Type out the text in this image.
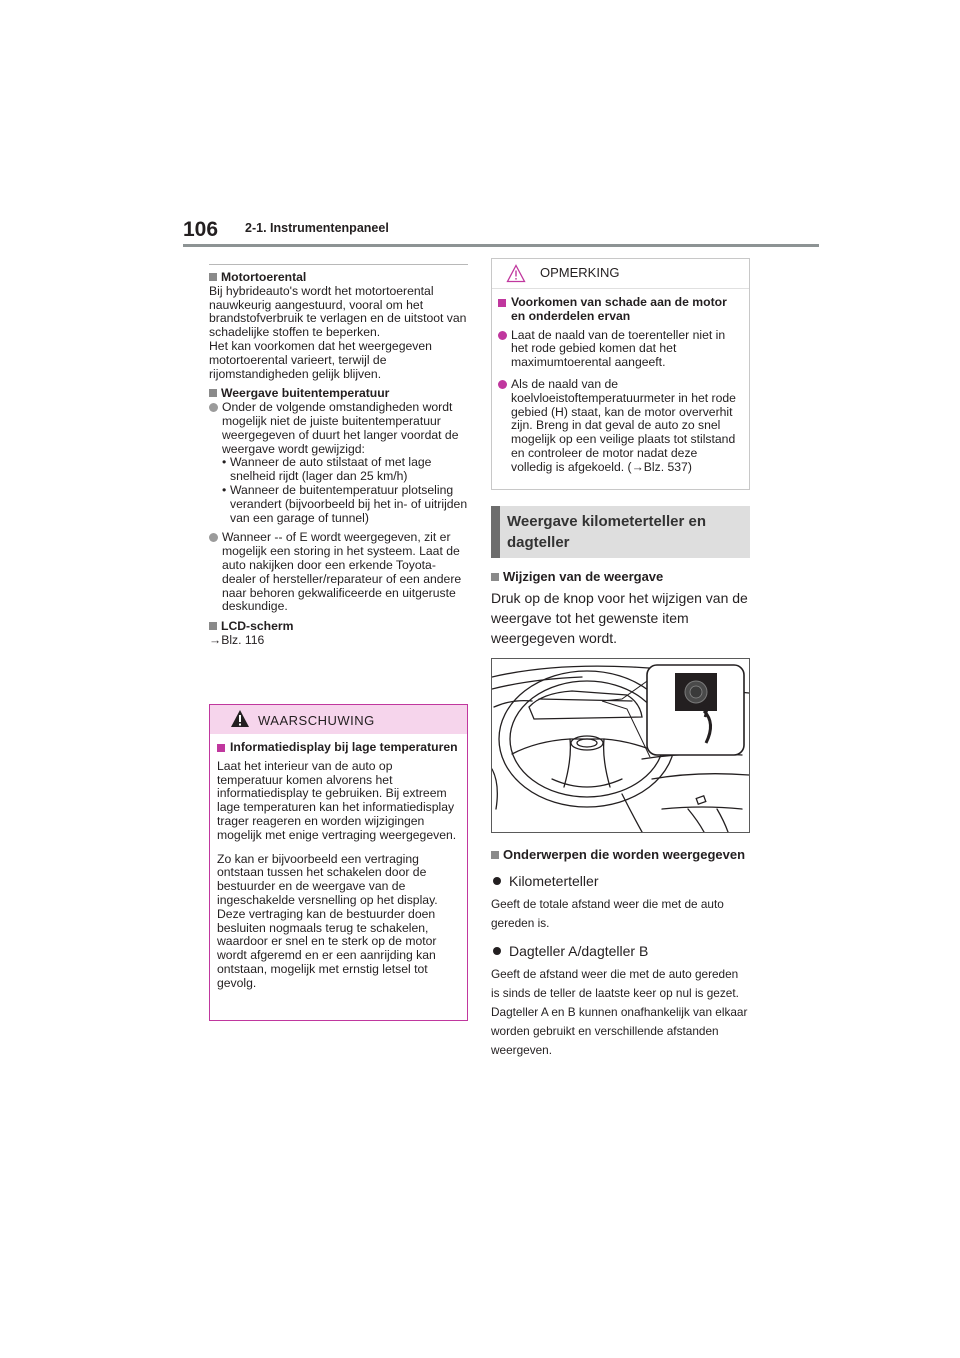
106 2-1. Instrumentenpaneel

Motortoerental

Bij hybrideauto's wordt het motortoerental nauwkeurig aangestuurd, vooral om het brandstofverbruik te verlagen en de uitstoot van schadelijke stoffen te beperken.

Het kan voorkomen dat het weergegeven motortoerental varieert, terwijl de rijomstandigheden gelijk blijven.

Weergave buitentemperatuur

Onder de volgende omstandigheden wordt mogelijk niet de juiste buitentemperatuur weergegeven of duurt het langer voordat de weergave wordt gewijzigd:

• Wanneer de auto stilstaat of met lage snelheid rijdt (lager dan 25 km/h)
• Wanneer de buitentemperatuur plotseling verandert (bijvoorbeeld bij het in- of uitrijden van een garage of tunnel)

Wanneer -- of E wordt weergegeven, zit er mogelijk een storing in het systeem. Laat de auto nakijken door een erkende Toyota-dealer of hersteller/reparateur of een andere naar behoren gekwalificeerde en uitgeruste deskundige.

LCD-scherm

→Blz. 116

WAARSCHUWING

Informatiedisplay bij lage temperaturen

Laat het interieur van de auto op temperatuur komen alvorens het informatiedisplay te gebruiken. Bij extreem lage temperaturen kan het informatiedisplay trager reageren en worden wijzigingen mogelijk met enige vertraging weergegeven.

Zo kan er bijvoorbeeld een vertraging ontstaan tussen het schakelen door de bestuurder en de weergave van de ingeschakelde versnelling op het display. Deze vertraging kan de bestuurder doen besluiten nogmaals terug te schakelen, waardoor er snel en te sterk op de motor wordt afgeremd en er een aanrijding kan ontstaan, mogelijk met ernstig letsel tot gevolg.

OPMERKING

Voorkomen van schade aan de motor en onderdelen ervan

Laat de naald van de toerenteller niet in het rode gebied komen dat het maximumtoerental aangeeft.

Als de naald van de koelvloeistoftemperatuurmeter in het rode gebied (H) staat, kan de motor oververhit zijn. Breng in dat geval de auto zo snel mogelijk op een veilige plaats tot stilstand en controleer de motor nadat deze volledig is afgekoeld. (→Blz. 537)

Weergave kilometerteller en dagteller

Wijzigen van de weergave

Druk op de knop voor het wijzigen van de weergave tot het gewenste item weergegeven wordt.

Onderwerpen die worden weergegeven

Kilometerteller

Geeft de totale afstand weer die met de auto gereden is.

Dagteller A/dagteller B

Geeft de afstand weer die met de auto gereden is sinds de teller de laatste keer op nul is gezet. Dagteller A en B kunnen onafhankelijk van elkaar worden gebruikt en verschillende afstanden weergeven.
